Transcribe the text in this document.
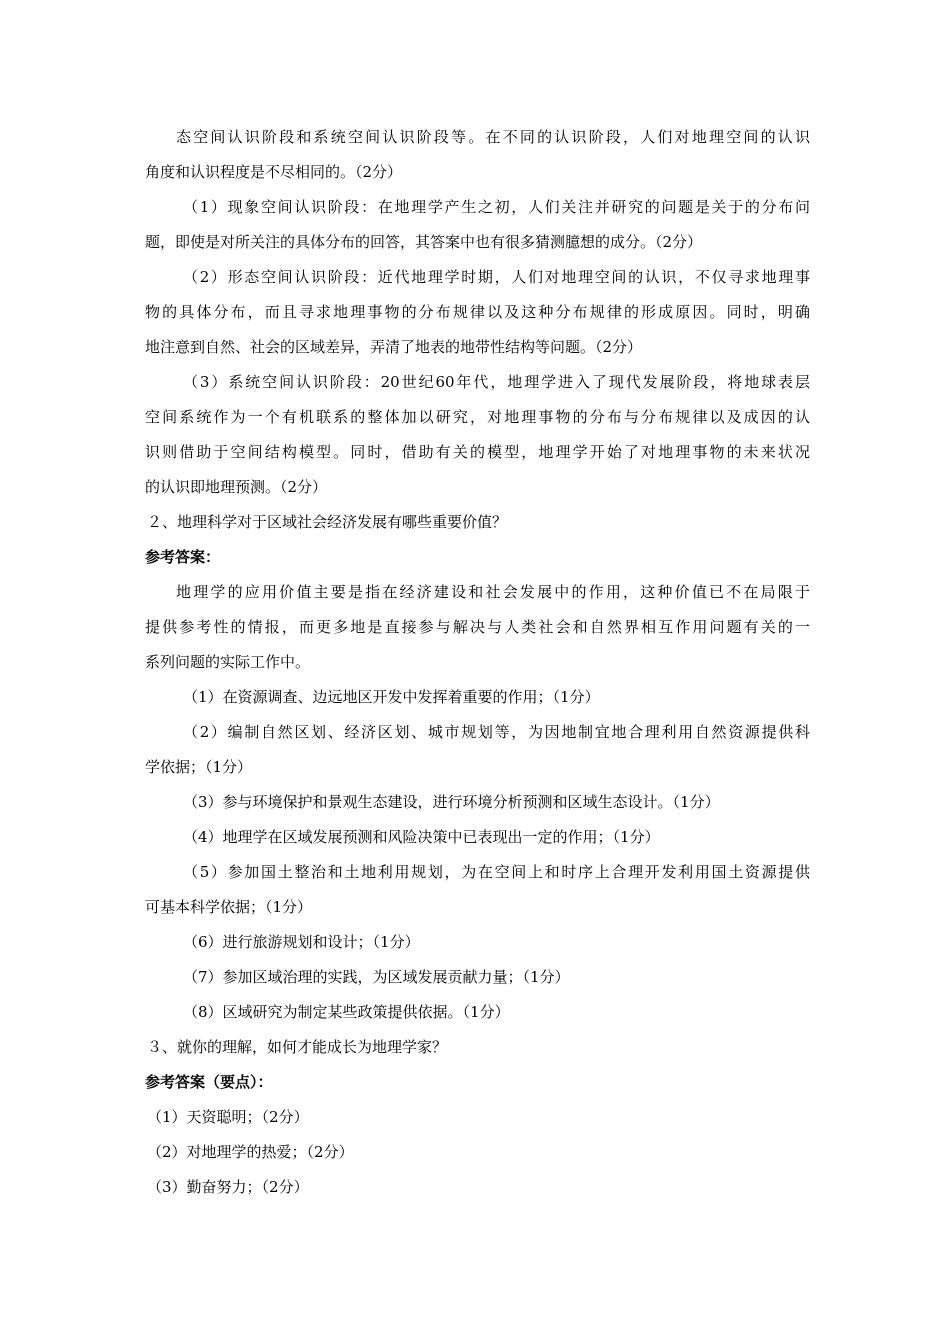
态空间认识阶段和系统空间认识阶段等。在不同的认识阶段，人们对地理空间的认识
角度和认识程度是不尽相同的。（2分）
（1）现象空间认识阶段：在地理学产生之初，人们关注并研究的问题是关于的分布问
题，即使是对所关注的具体分布的回答，其答案中也有很多猜测臆想的成分。（2分）
（2）形态空间认识阶段：近代地理学时期，人们对地理空间的认识，不仅寻求地理事
物的具体分布，而且寻求地理事物的分布规律以及这种分布规律的形成原因。同时，明确
地注意到自然、社会的区域差异，弄清了地表的地带性结构等问题。（2分）
（3）系统空间认识阶段：20世纪60年代，地理学进入了现代发展阶段，将地球表层
空间系统作为一个有机联系的整体加以研究，对地理事物的分布与分布规律以及成因的认
识则借助于空间结构模型。同时，借助有关的模型，地理学开始了对地理事物的未来状况
的认识即地理预测。（2分）
２、地理科学对于区域社会经济发展有哪些重要价值？
参考答案：
地理学的应用价值主要是指在经济建设和社会发展中的作用，这种价值已不在局限于
提供参考性的情报，而更多地是直接参与解决与人类社会和自然界相互作用问题有关的一
系列问题的实际工作中。
（1）在资源调查、边远地区开发中发挥着重要的作用；（1分）
（2）编制自然区划、经济区划、城市规划等，为因地制宜地合理利用自然资源提供科
学依据；（1分）
（3）参与环境保护和景观生态建设，进行环境分析预测和区域生态设计。（1分）
（4）地理学在区域发展预测和风险决策中已表现出一定的作用；（1分）
（5）参加国土整治和土地利用规划，为在空间上和时序上合理开发利用国土资源提供
可基本科学依据；（1分）
（6）进行旅游规划和设计；（1分）
（7）参加区域治理的实践，为区域发展贡献力量；（1分）
（8）区域研究为制定某些政策提供依据。（1分）
３、就你的理解，如何才能成长为地理学家？
参考答案（要点）：
（1）天资聪明；（2分）
（2）对地理学的热爱；（2分）
（3）勤奋努力；（2分）
